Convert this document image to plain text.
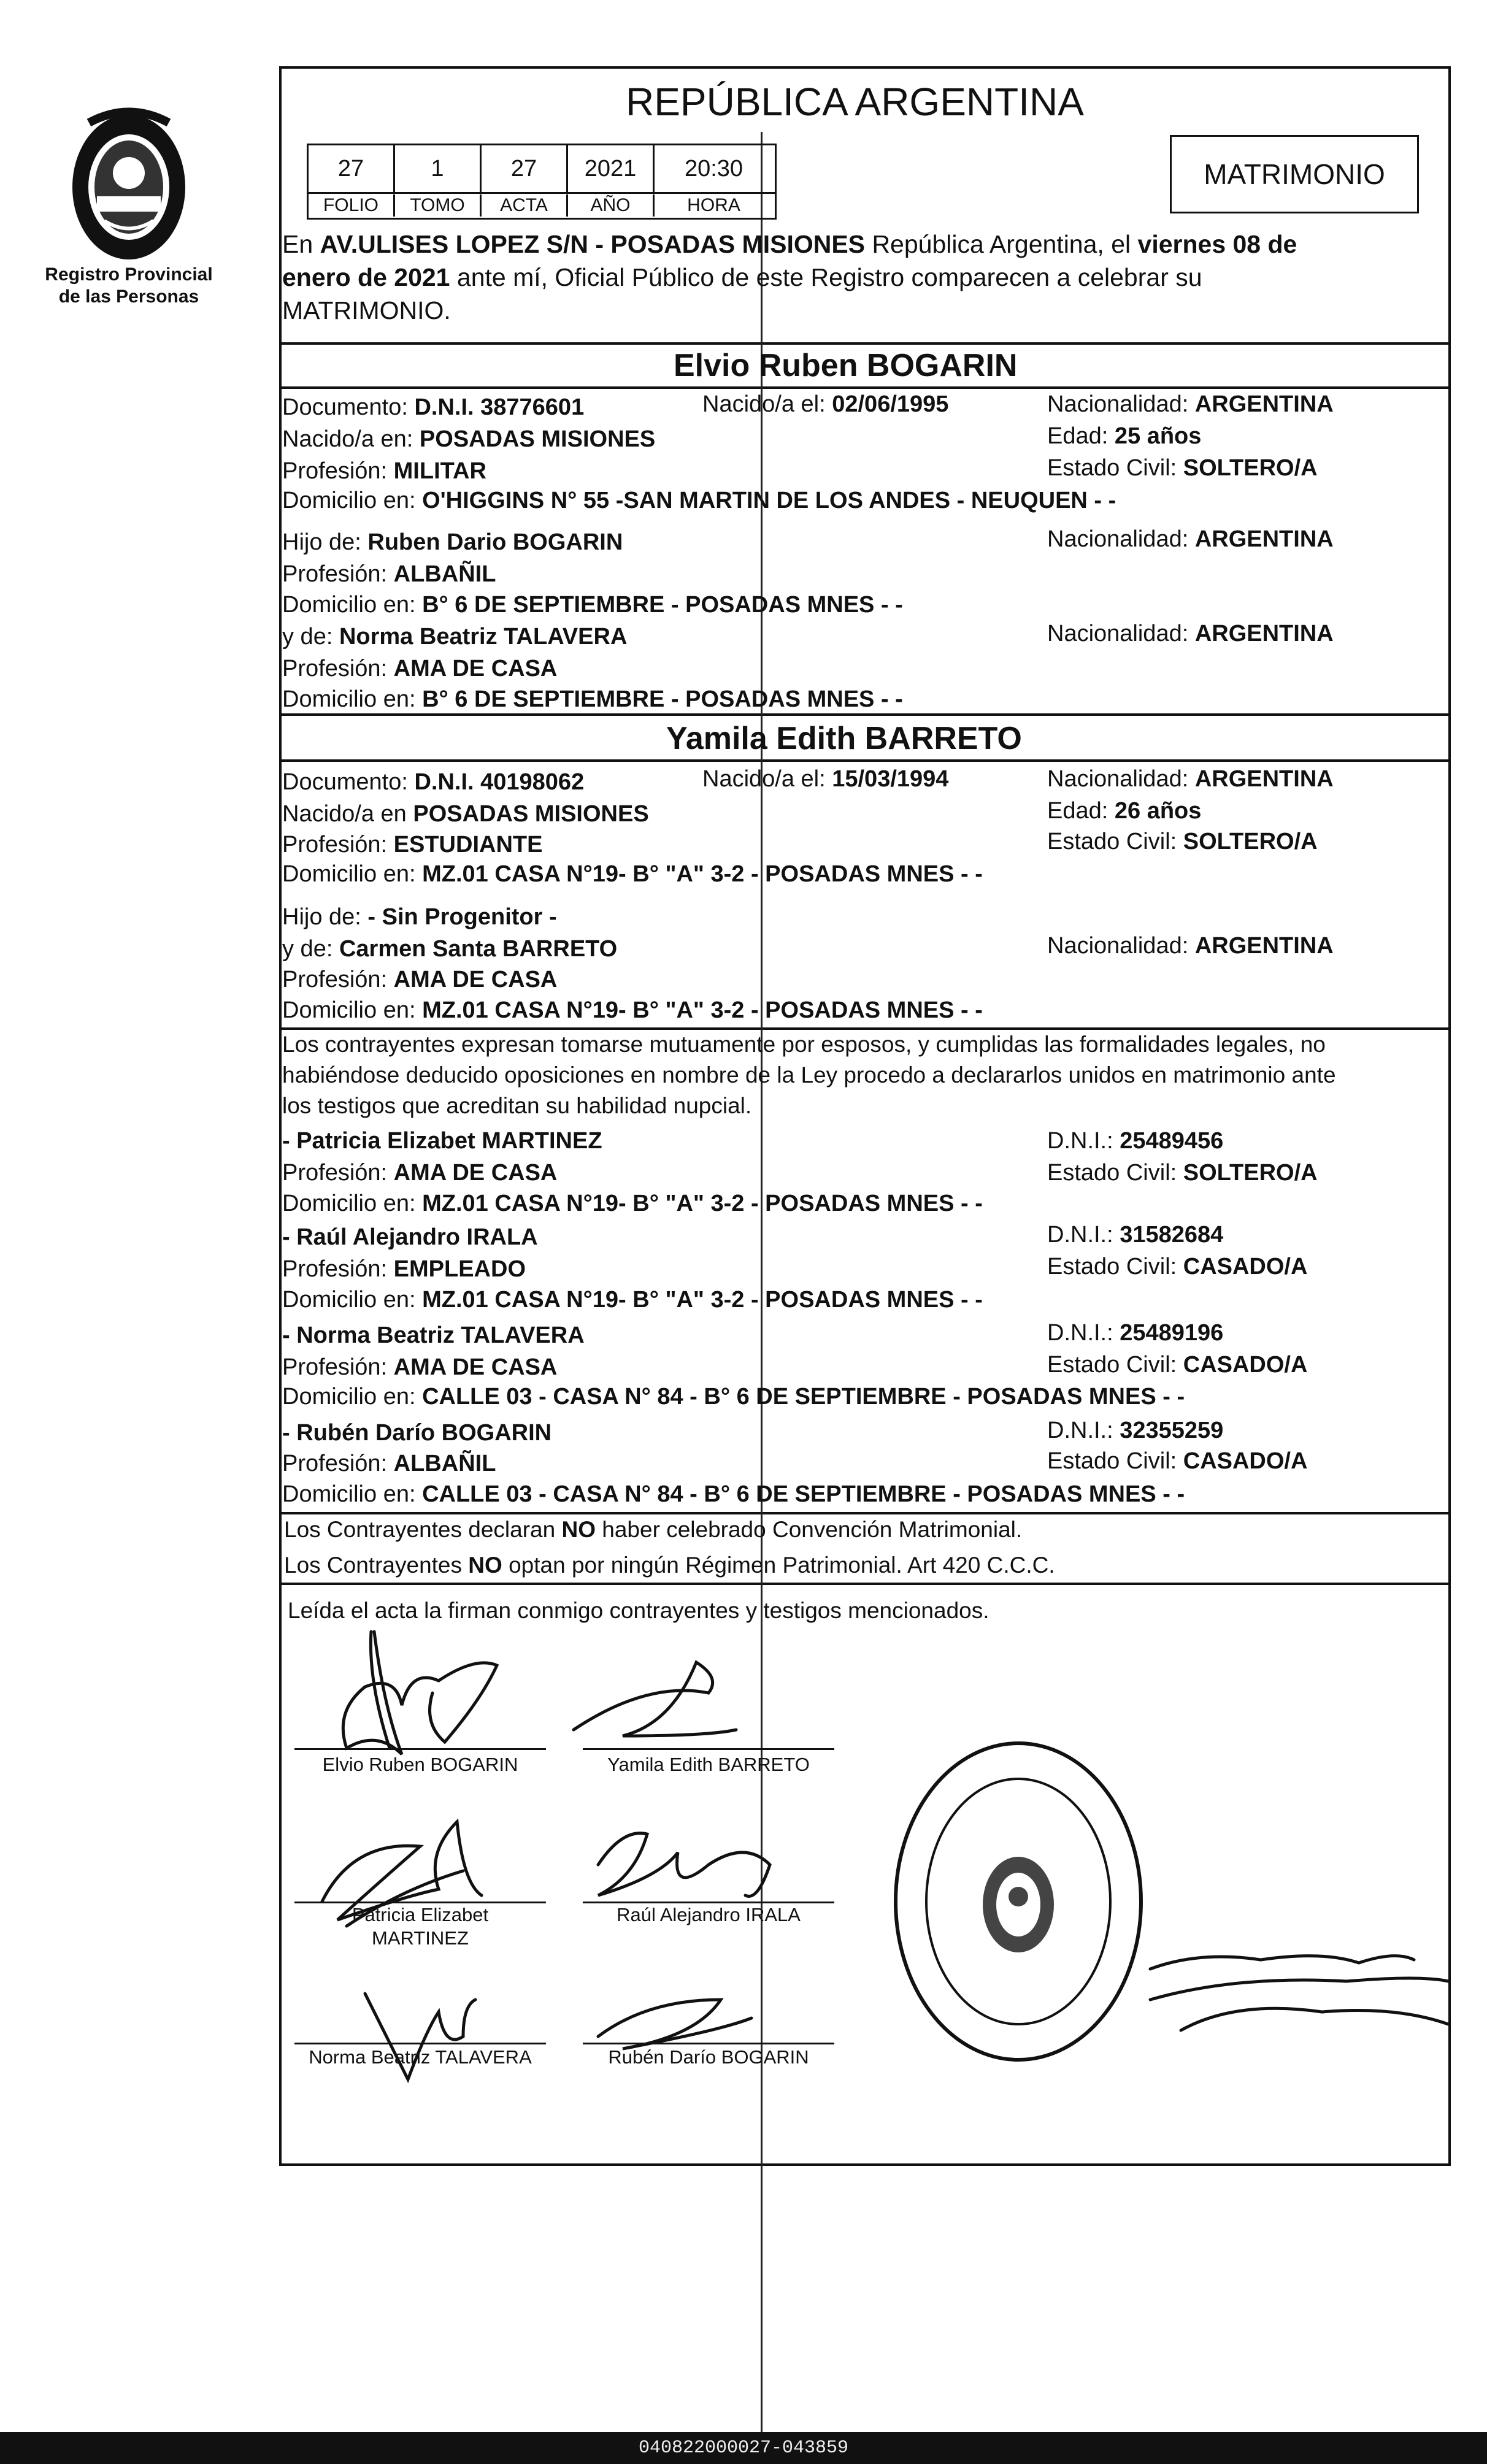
Registro Provincial
de las Personas
REPÚBLICA ARGENTINA
27	1	27	2021	20:30
FOLIO	TOMO	ACTA	AÑO	HORA
MATRIMONIO
En AV.ULISES LOPEZ S/N - POSADAS MISIONES República Argentina, el viernes 08 de
enero de 2021 ante mí, Oficial Público de este Registro comparecen a celebrar su
MATRIMONIO.
Elvio Ruben BOGARIN
Documento: D.N.I. 38776601	Nacido/a el: 02/06/1995	Nacionalidad: ARGENTINA
Nacido/a en: POSADAS MISIONES	Edad: 25 años
Profesión: MILITAR	Estado Civil: SOLTERO/A
Domicilio en: O'HIGGINS N° 55 -SAN MARTIN DE LOS ANDES - NEUQUEN - -
Hijo de: Ruben Dario BOGARIN	Nacionalidad: ARGENTINA
Profesión: ALBAÑIL
Domicilio en: B° 6 DE SEPTIEMBRE - POSADAS MNES - -
y de: Norma Beatriz TALAVERA	Nacionalidad: ARGENTINA
Profesión: AMA DE CASA
Domicilio en: B° 6 DE SEPTIEMBRE - POSADAS MNES - -
Yamila Edith BARRETO
Documento: D.N.I. 40198062	Nacido/a el: 15/03/1994	Nacionalidad: ARGENTINA
Nacido/a en POSADAS MISIONES	Edad: 26 años
Profesión: ESTUDIANTE	Estado Civil: SOLTERO/A
Domicilio en: MZ.01 CASA N°19- B° "A" 3-2 - POSADAS MNES - -
Hijo de: - Sin Progenitor -
y de: Carmen Santa BARRETO	Nacionalidad: ARGENTINA
Profesión: AMA DE CASA
Domicilio en: MZ.01 CASA N°19- B° "A" 3-2 - POSADAS MNES - -
Los contrayentes expresan tomarse mutuamente por esposos, y cumplidas las formalidades legales, no
habiéndose deducido oposiciones en nombre de la Ley procedo a declararlos unidos en matrimonio ante
los testigos que acreditan su habilidad nupcial.
- Patricia Elizabet MARTINEZ	D.N.I.: 25489456
Profesión: AMA DE CASA	Estado Civil: SOLTERO/A
Domicilio en: MZ.01 CASA N°19- B° "A" 3-2 - POSADAS MNES - -
- Raúl Alejandro IRALA	D.N.I.: 31582684
Profesión: EMPLEADO	Estado Civil: CASADO/A
Domicilio en: MZ.01 CASA N°19- B° "A" 3-2 - POSADAS MNES - -
- Norma Beatriz TALAVERA	D.N.I.: 25489196
Profesión: AMA DE CASA	Estado Civil: CASADO/A
Domicilio en: CALLE 03 - CASA N° 84 - B° 6 DE SEPTIEMBRE - POSADAS MNES - -
- Rubén Darío BOGARIN	D.N.I.: 32355259
Profesión: ALBAÑIL	Estado Civil: CASADO/A
Domicilio en: CALLE 03 - CASA N° 84 - B° 6 DE SEPTIEMBRE - POSADAS MNES - -
Los Contrayentes declaran NO haber celebrado Convención Matrimonial.
Los Contrayentes NO optan por ningún Régimen Patrimonial. Art 420 C.C.C.
Leída el acta la firman conmigo contrayentes y testigos mencionados.
Elvio Ruben BOGARIN	Yamila Edith BARRETO
Patricia Elizabet
MARTINEZ
Raúl Alejandro IRALA
Norma Beatriz TALAVERA	Rubén Darío BOGARIN
040822000027-043859
